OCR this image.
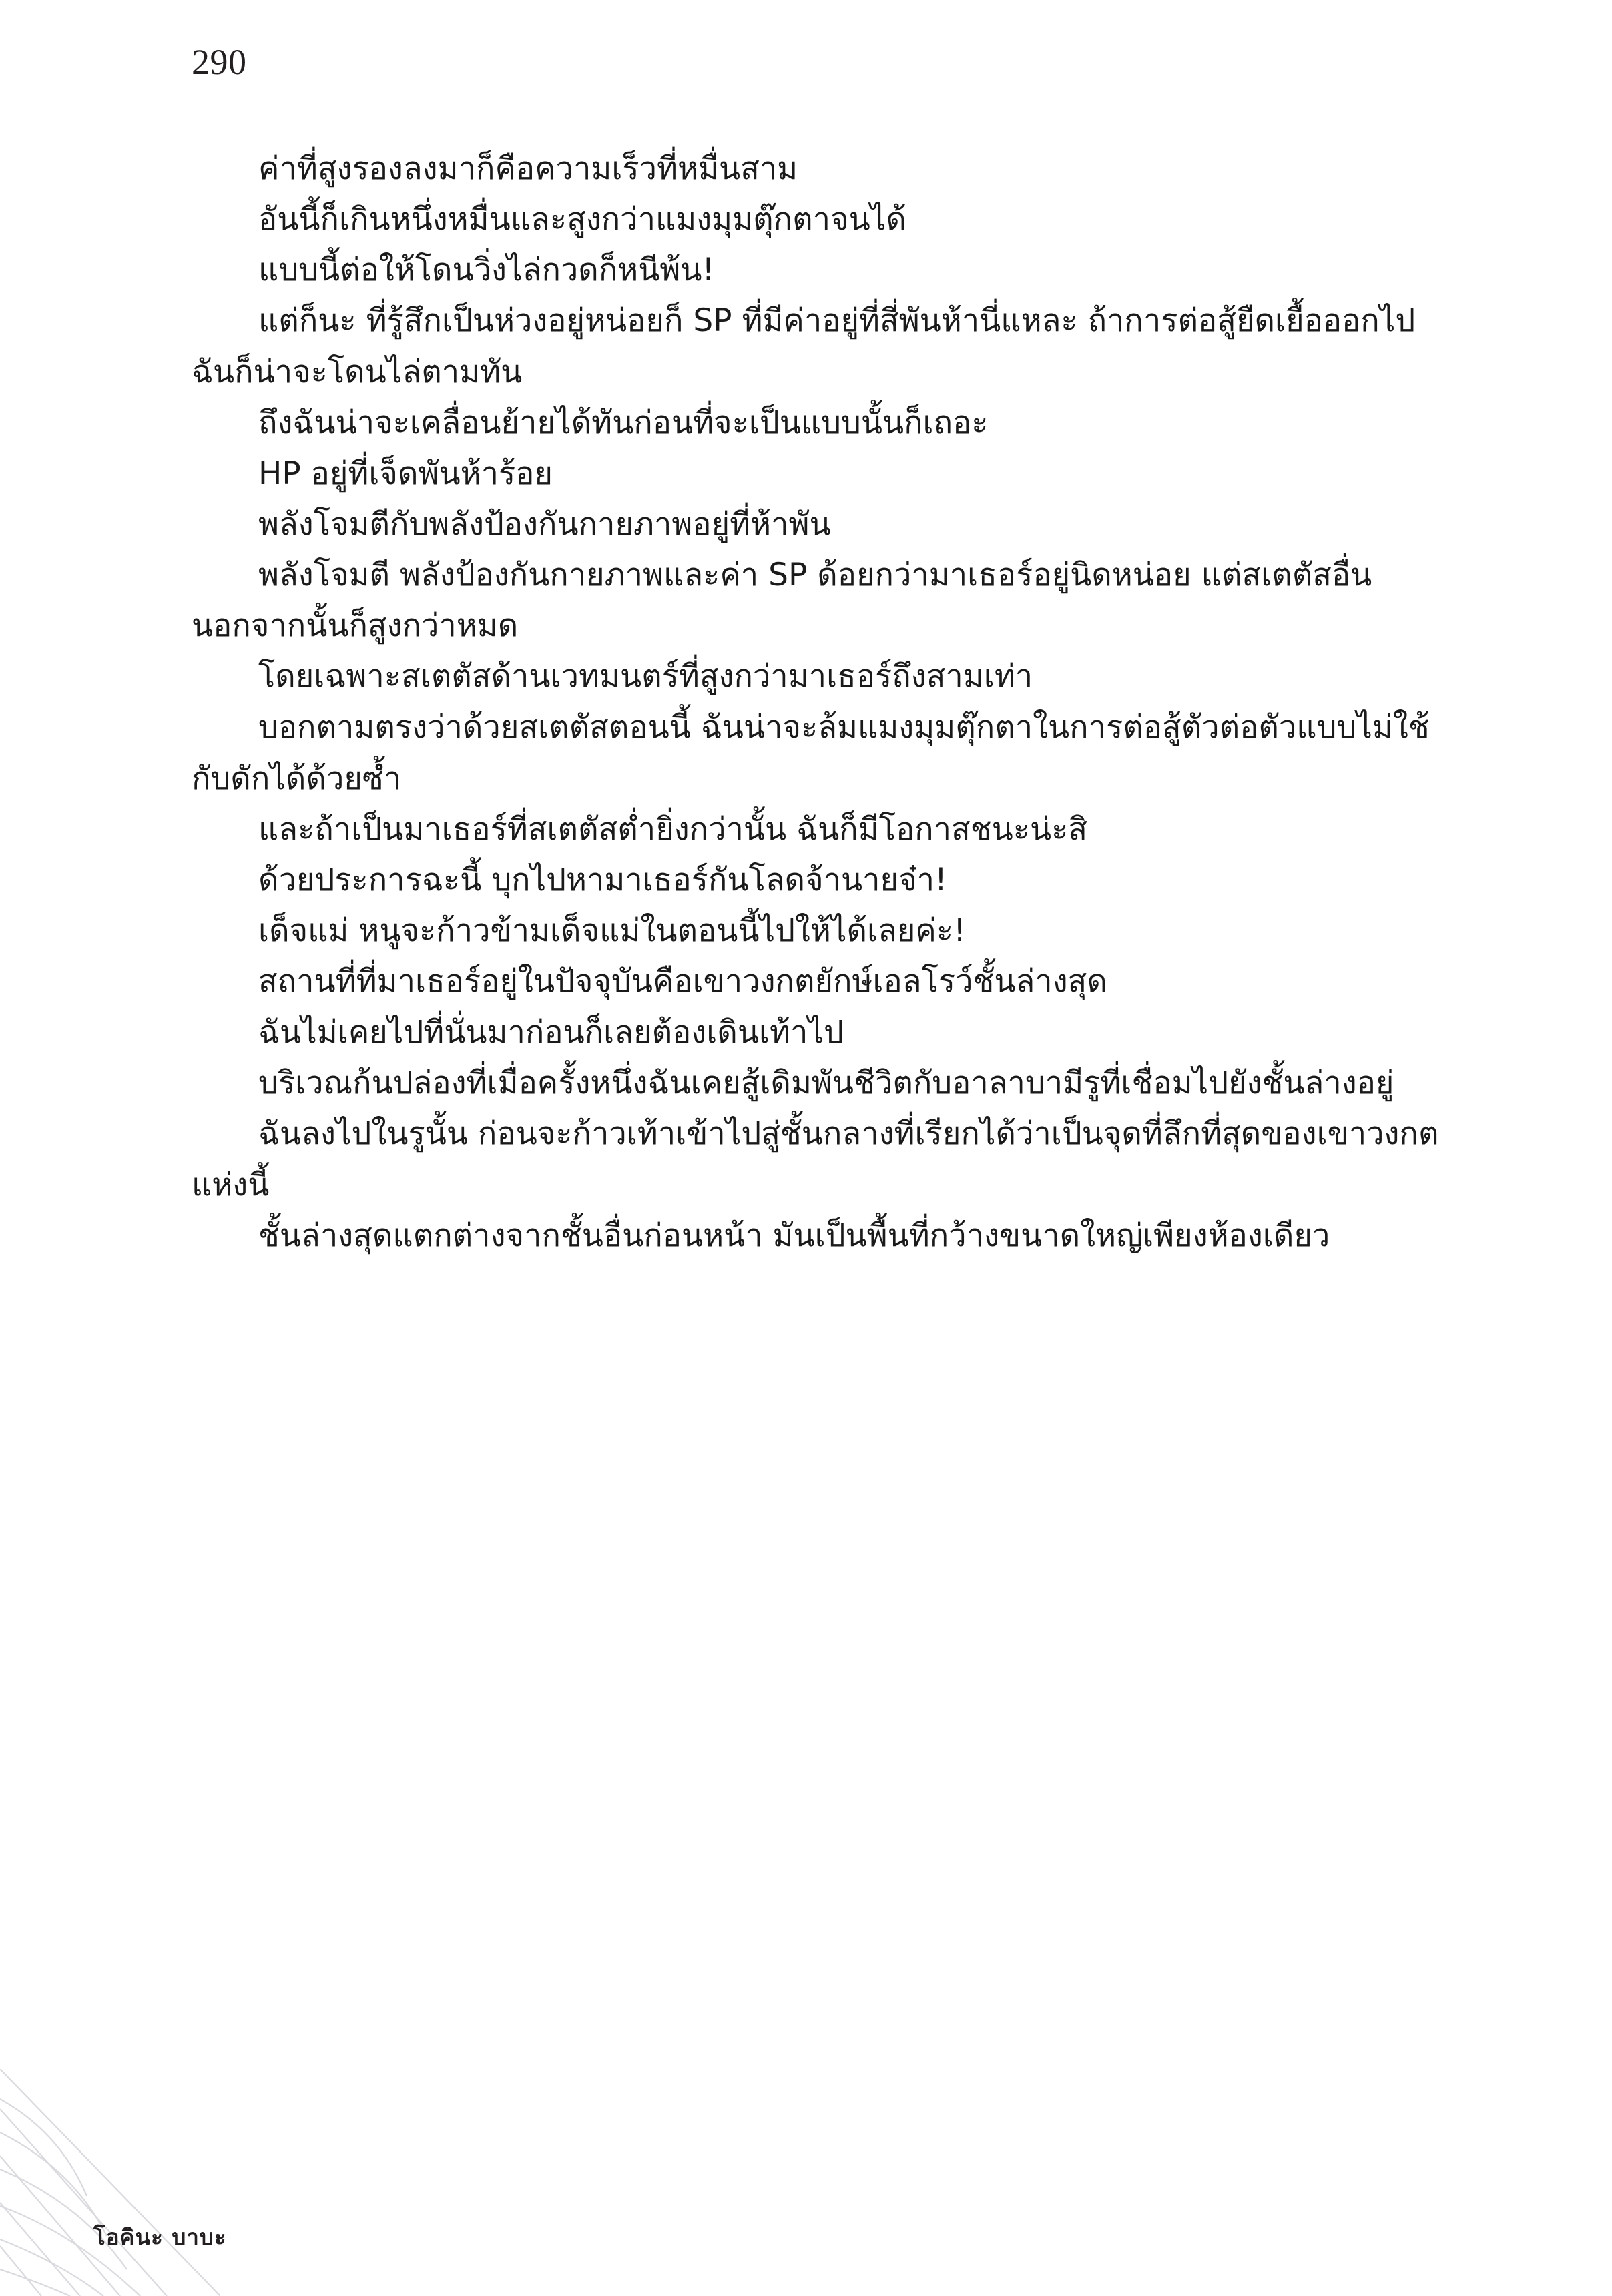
290

ค่าที่สูงรองลงมาก็คือความเร็วที่หมื่นสาม

อันนี้ก็เกินหนึ่งหมื่นและสูงกว่าแมงมุมตุ๊กตาจนได้

แบบนี้ต่อให้โดนวิ่งไล่กวดก็หนีพ้น!

แต่ก็นะ ที่รู้สึกเป็นห่วงอยู่หน่อยก็ SP ที่มีค่าอยู่ที่สี่พันห้านี่แหละ ถ้าการต่อสู้ยืดเยื้อออกไปฉันก็น่าจะโดนไล่ตามทัน

ถึงฉันน่าจะเคลื่อนย้ายได้ทันก่อนที่จะเป็นแบบนั้นก็เถอะ

HP อยู่ที่เจ็ดพันห้าร้อย

พลังโจมตีกับพลังป้องกันกายภาพอยู่ที่ห้าพัน

พลังโจมตี พลังป้องกันกายภาพและค่า SP ด้อยกว่ามาเธอร์อยู่นิดหน่อย แต่สเตตัสอื่นนอกจากนั้นก็สูงกว่าหมด

โดยเฉพาะสเตตัสด้านเวทมนตร์ที่สูงกว่ามาเธอร์ถึงสามเท่า

บอกตามตรงว่าด้วยสเตตัสตอนนี้ ฉันน่าจะล้มแมงมุมตุ๊กตาในการต่อสู้ตัวต่อตัวแบบไม่ใช้กับดักได้ด้วยซ้ำ

และถ้าเป็นมาเธอร์ที่สเตตัสต่ำยิ่งกว่านั้น ฉันก็มีโอกาสชนะน่ะสิ

ด้วยประการฉะนี้ บุกไปหามาเธอร์กันโลดจ้านายจ๋า!

เด็จแม่ หนูจะก้าวข้ามเด็จแม่ในตอนนี้ไปให้ได้เลยค่ะ!

สถานที่ที่มาเธอร์อยู่ในปัจจุบันคือเขาวงกตยักษ์เอลโรว์ชั้นล่างสุด

ฉันไม่เคยไปที่นั่นมาก่อนก็เลยต้องเดินเท้าไป

บริเวณก้นปล่องที่เมื่อครั้งหนึ่งฉันเคยสู้เดิมพันชีวิตกับอาลาบามีรูที่เชื่อมไปยังชั้นล่างอยู่

ฉันลงไปในรูนั้น ก่อนจะก้าวเท้าเข้าไปสู่ชั้นกลางที่เรียกได้ว่าเป็นจุดที่ลึกที่สุดของเขาวงกตแห่งนี้

ชั้นล่างสุดแตกต่างจากชั้นอื่นก่อนหน้า มันเป็นพื้นที่กว้างขนาดใหญ่เพียงห้องเดียว

โอคินะ บาบะ
